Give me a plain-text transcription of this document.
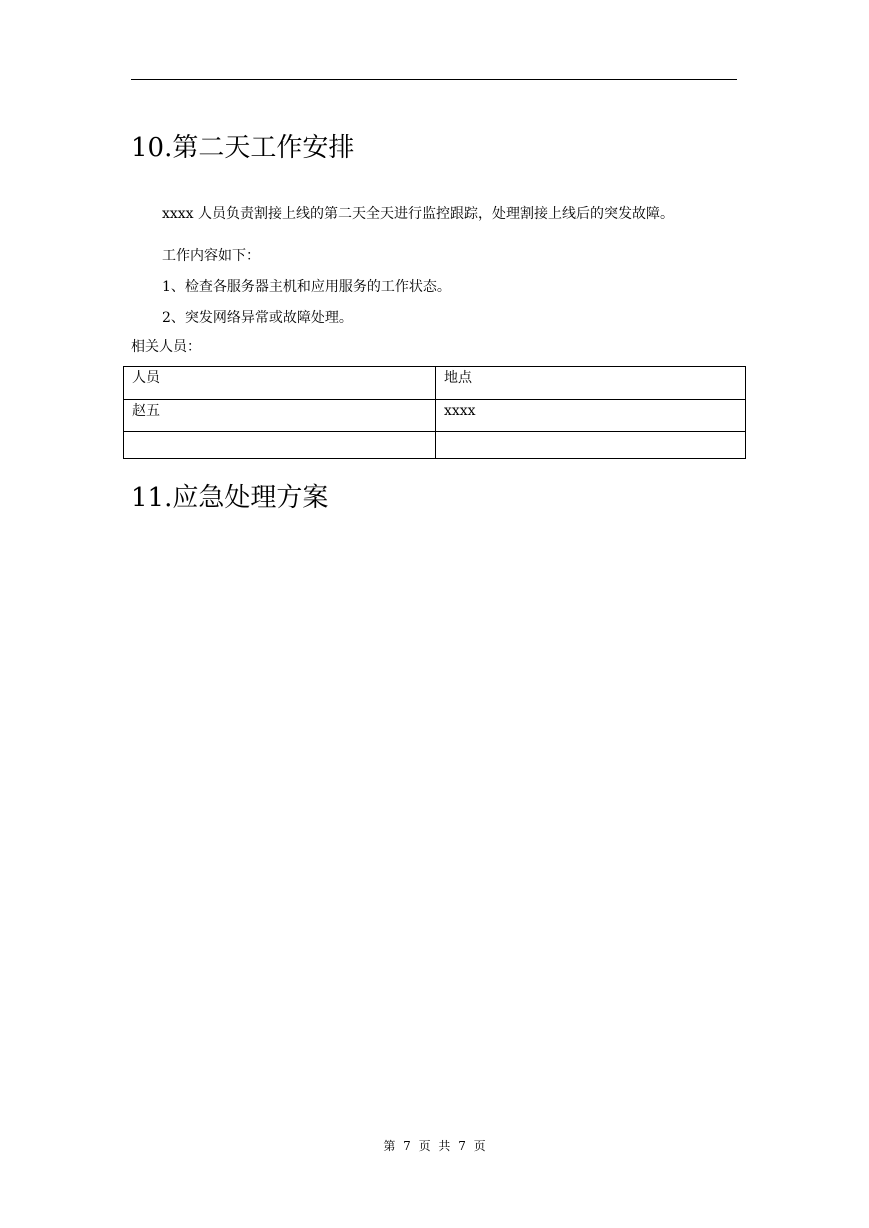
10.第二天工作安排

xxxx 人员负责割接上线的第二天全天进行监控跟踪，处理割接上线后的突发故障。

工作内容如下：

1、检查各服务器主机和应用服务的工作状态。

2、突发网络异常或故障处理。

相关人员：

人员	地点
赵五	xxxx

11.应急处理方案
第 7 页 共 7 页
